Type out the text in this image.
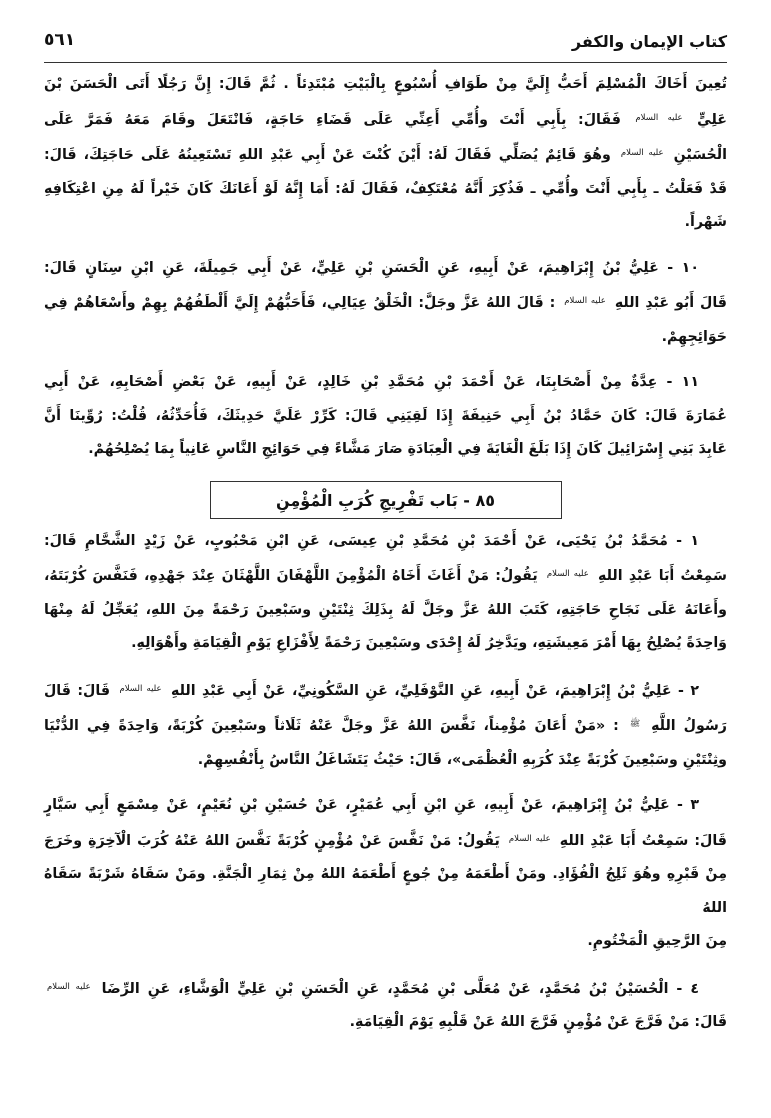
كتاب الإيمان والكفر
٥٦١
تُعِينَ أَخَاكَ الْمُسْلِمَ أَحَبُّ إِلَيَّ مِنْ طَوَافِ أُسْبُوعٍ بِالْبَيْتِ مُبْتَدِئاً . ثُمَّ قَالَ: إِنَّ رَجُلًا أَتَى الْحَسَنَ بْنَ
عَلِيٍّ $^{عليه السلام}$ فَقَالَ: بِأَبِي أَنْتَ وأُمِّي أَعِنِّي عَلَى قَضَاءِ حَاجَةٍ، فَانْتَعَلَ وقَامَ مَعَهُ فَمَرَّ عَلَى
الْحُسَيْنِ $^{عليه السلام}$ وهُوَ قَائِمٌ يُصَلِّي فَقَالَ لَهُ: أَيْنَ كُنْتَ عَنْ أَبِي عَبْدِ اللهِ تَسْتَعِينُهُ عَلَى حَاجَتِكَ، قَالَ:
قَدْ فَعَلْتُ ـ بِأَبِي أَنْتَ وأُمِّي ـ فَذُكِرَ أَنَّهُ مُعْتَكِفٌ، فَقَالَ لَهُ: أَمَا إِنَّهُ لَوْ أَعَانَكَ كَانَ خَيْراً لَهُ مِنِ اعْتِكَافِهِ
شَهْراً.
١٠ - عَلِيُّ بْنُ إِبْرَاهِيمَ، عَنْ أَبِيهِ، عَنِ الْحَسَنِ بْنِ عَلِيٍّ، عَنْ أَبِي جَمِيلَةَ، عَنِ ابْنِ سِنَانٍ قَالَ:
قَالَ أَبُو عَبْدِ اللهِ $^{عليه السلام}$ : قَالَ اللهُ عَزَّ وجَلَّ: الْخَلْقُ عِيَالِي، فَأَحَبُّهُمْ إِلَيَّ أَلْطَفُهُمْ بِهِمْ وأَسْعَاهُمْ فِي
حَوَائِجِهِمْ.
١١ - عِدَّةٌ مِنْ أَصْحَابِنَا، عَنْ أَحْمَدَ بْنِ مُحَمَّدِ بْنِ خَالِدٍ، عَنْ أَبِيهِ، عَنْ بَعْضِ أَصْحَابِهِ، عَنْ أَبِي
عُمَارَةَ قَالَ: كَانَ حَمَّادُ بْنُ أَبِي حَنِيفَةَ إِذَا لَقِيَنِي قَالَ: كَرِّرْ عَلَيَّ حَدِيثَكَ، فَأُحَدِّثُهُ، قُلْتُ: رُوِّينَا أَنَّ
عَابِدَ بَنِي إِسْرَائِيلَ كَانَ إِذَا بَلَغَ الْغَايَةَ فِي الْعِبَادَةِ صَارَ مَشَّاءً فِي حَوَائِجِ النَّاسِ عَانِياً بِمَا يُصْلِحُهُمْ.
٨٥ - بَاب تَفْرِيجِ كُرَبِ الْمُؤْمِنِ
١ - مُحَمَّدُ بْنُ يَحْيَى، عَنْ أَحْمَدَ بْنِ مُحَمَّدِ بْنِ عِيسَى، عَنِ ابْنِ مَحْبُوبٍ، عَنْ زَيْدٍ الشَّحَّامِ قَالَ:
سَمِعْتُ أَبَا عَبْدِ اللهِ $^{عليه السلام}$ يَقُولُ: مَنْ أَغَاثَ أَخَاهُ الْمُؤْمِنَ اللَّهْفَانَ اللَّهْثَانَ عِنْدَ جَهْدِهِ، فَنَفَّسَ كُرْبَتَهُ،
وأَعَانَهُ عَلَى نَجَاحِ حَاجَتِهِ، كَتَبَ اللهُ عَزَّ وجَلَّ لَهُ بِذَلِكَ ثِنْتَيْنِ وسَبْعِينَ رَحْمَةً مِنَ اللهِ، يُعَجِّلُ لَهُ مِنْهَا
وَاحِدَةً يُصْلِحُ بِهَا أَمْرَ مَعِيشَتِهِ، ويَدَّخِرُ لَهُ إِحْدَى وسَبْعِينَ رَحْمَةً لِأَفْزَاعِ يَوْمِ الْقِيَامَةِ وأَهْوَالِهِ.
٢ - عَلِيُّ بْنُ إِبْرَاهِيمَ، عَنْ أَبِيهِ، عَنِ النَّوْفَلِيِّ، عَنِ السَّكُونِيِّ، عَنْ أَبِي عَبْدِ اللهِ $^{عليه السلام}$ قَالَ: قَالَ
رَسُولُ اللَّهِ $^ﷺ$ : «مَنْ أَعَانَ مُؤْمِناً، نَفَّسَ اللهُ عَزَّ وجَلَّ عَنْهُ ثَلَاثاً وسَبْعِينَ كُرْبَةً، وَاحِدَةً فِي الدُّنْيَا
وثِنْتَيْنِ وسَبْعِينَ كُرْبَةً عِنْدَ كُرَبِهِ الْعُظْمَى»، قَالَ: حَيْثُ يَتَشَاغَلُ النَّاسُ بِأَنْفُسِهِمْ.
٣ - عَلِيُّ بْنُ إِبْرَاهِيمَ، عَنْ أَبِيهِ، عَنِ ابْنِ أَبِي عُمَيْرٍ، عَنْ حُسَيْنِ بْنِ نُعَيْمٍ، عَنْ مِسْمَعٍ أَبِي سَيَّارٍ
قَالَ: سَمِعْتُ أَبَا عَبْدِ اللهِ $^{عليه السلام}$ يَقُولُ: مَنْ نَفَّسَ عَنْ مُؤْمِنٍ كُرْبَةً نَفَّسَ اللهُ عَنْهُ كُرَبَ الْآخِرَةِ وخَرَجَ
مِنْ قَبْرِهِ وهُوَ ثَلِجُ الْفُؤَادِ. ومَنْ أَطْعَمَهُ مِنْ جُوعٍ أَطْعَمَهُ اللهُ مِنْ ثِمَارِ الْجَنَّةِ. ومَنْ سَقَاهُ شَرْبَةً سَقَاهُ اللهُ
مِنَ الرَّحِيقِ الْمَخْتُومِ.
٤ - الْحُسَيْنُ بْنُ مُحَمَّدٍ، عَنْ مُعَلَّى بْنِ مُحَمَّدٍ، عَنِ الْحَسَنِ بْنِ عَلِيٍّ الْوَشَّاءِ، عَنِ الرِّضَا $^{عليه السلام}$
قَالَ: مَنْ فَرَّجَ عَنْ مُؤْمِنٍ فَرَّجَ اللهُ عَنْ قَلْبِهِ يَوْمَ الْقِيَامَةِ.
